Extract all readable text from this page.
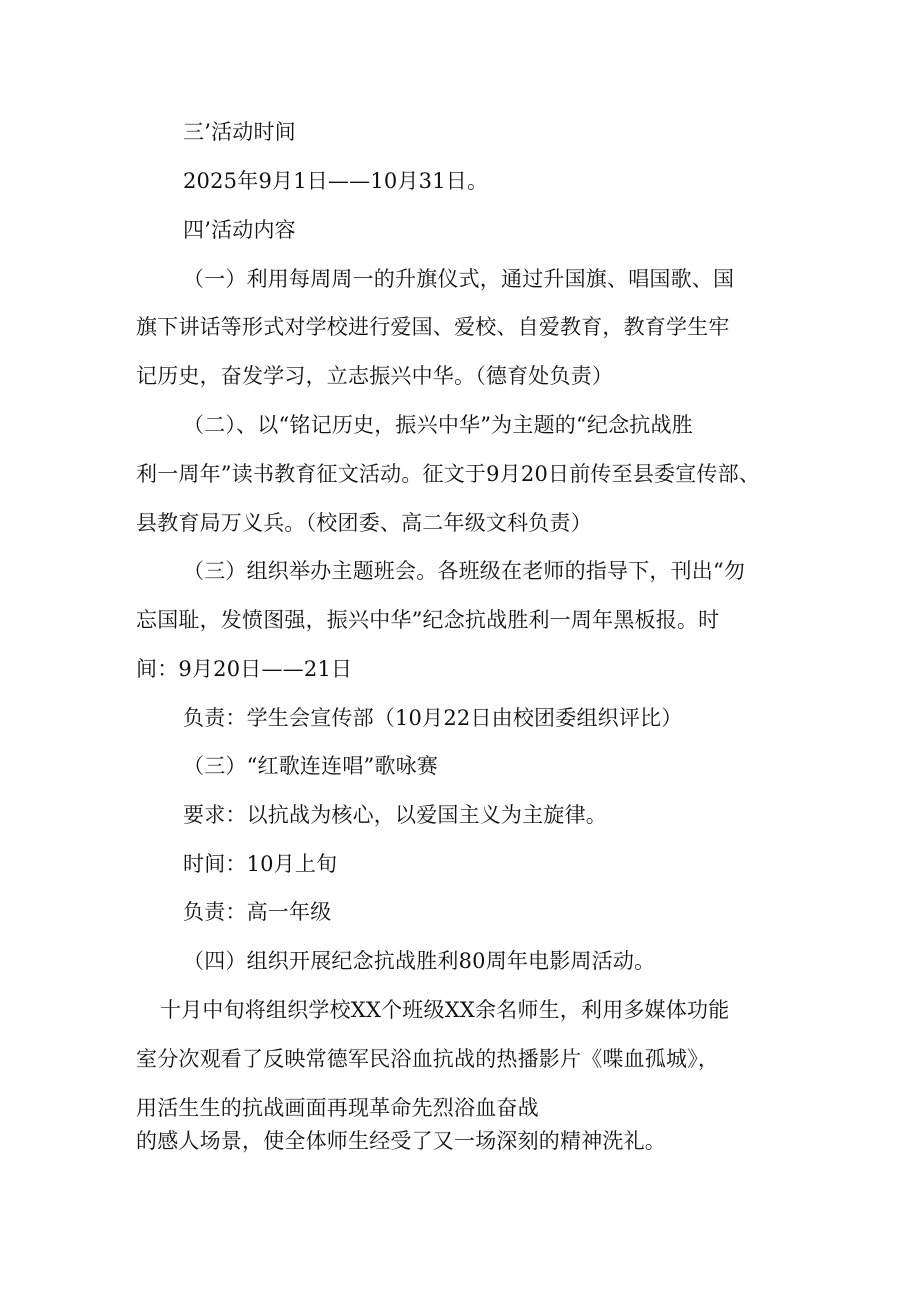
三’活动时间

2025年9月1日——10月31日。

四’活动内容

（一）利用每周周一的升旗仪式，通过升国旗、唱国歌、国

旗下讲话等形式对学校进行爱国、爱校、自爱教育，教育学生牢

记历史，奋发学习，立志振兴中华。（德育处负责）

（二）、以“铭记历史，振兴中华”为主题的“纪念抗战胜

利一周年”读书教育征文活动。征文于9月20日前传至县委宣传部、

县教育局万义兵。（校团委、高二年级文科负责）

（三）组织举办主题班会。各班级在老师的指导下，刊出“勿

忘国耻，发愤图强，振兴中华”纪念抗战胜利一周年黑板报。时

间：9月20日——21日

负责：学生会宣传部（10月22日由校团委组织评比）

（三）“红歌连连唱”歌咏赛

要求：以抗战为核心，以爱国主义为主旋律。

时间：10月上旬

负责：高一年级

（四）组织开展纪念抗战胜利80周年电影周活动。

十月中旬将组织学校XX个班级XX余名师生，利用多媒体功能

室分次观看了反映常德军民浴血抗战的热播影片《喋血孤城》，

用活生生的抗战画面再现革命先烈浴血奋战

的感人场景，使全体师生经受了又一场深刻的精神洗礼。
